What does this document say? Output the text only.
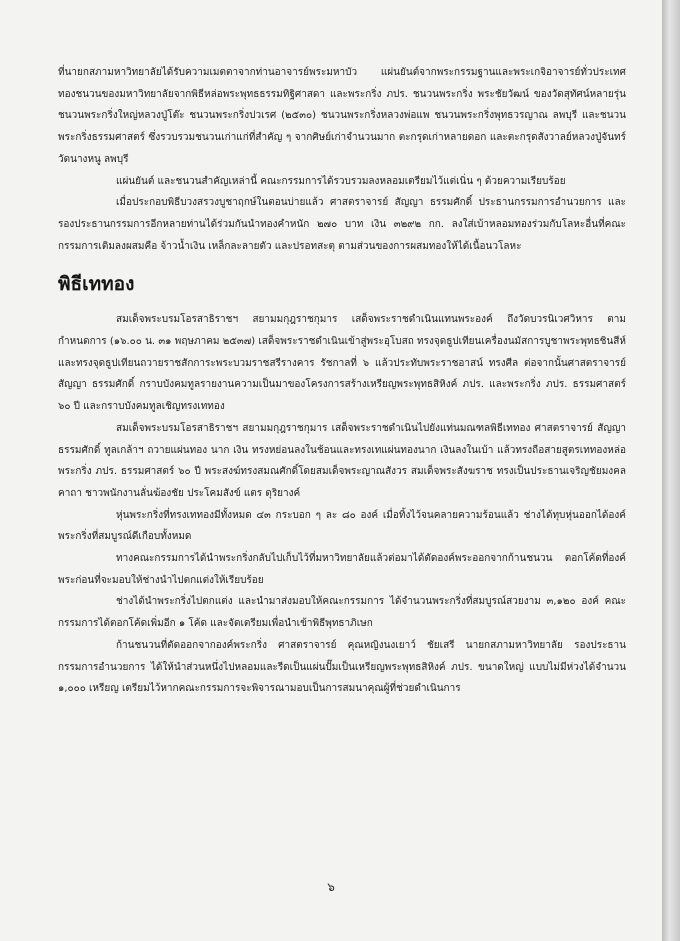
ที่นายกสภามหาวิทยาลัยได้รับความเมตตาจากท่านอาจารย์พระมหาบัว แผ่นยันต์จากพระกรรมฐานและพระเกจิอาจารย์ทั่วประเทศ ทองชนวนของมหาวิทยาลัยจากพิธีหล่อพระพุทธธรรมทิฐิศาสดา และพระกริ่ง ภปร. ชนวนพระกริ่ง พระชัยวัฒน์ ของวัดสุทัศน์หลายรุ่น ชนวนพระกริ่งใหญ่หลวงปู่โต๊ะ ชนวนพระกริ่งปวเรศ (๒๕๓๐) ชนวนพระกริ่งหลวงพ่อแพ ชนวนพระกริ่งพุทธวรญาณ ลพบุรี และชนวนพระกริ่งธรรมศาสตร์ ซึ่งรวบรวมชนวนเก่าแก่ที่สำคัญ ๆ จากศิษย์เก่าจำนวนมาก ตะกรุดเก่าหลายดอก และตะกรุดสังวาลย์หลวงปู่จันทร์ วัดนางหนู ลพบุรี

แผ่นยันต์ และชนวนสำคัญเหล่านี้ คณะกรรมการได้รวบรวมลงหลอมเตรียมไว้แต่เนิ่น ๆ ด้วยความเรียบร้อย

เมื่อประกอบพิธีบวงสรวงบูชาฤกษ์ในตอนบ่ายแล้ว ศาสตราจารย์ สัญญา ธรรมศักดิ์ ประธานกรรมการอำนวยการ และรองประธานกรรมการอีกหลายท่านได้ร่วมกันนำทองคำหนัก ๒๗๐ บาท เงิน ๓๒๙๒ กก. ลงใส่เบ้าหลอมทองร่วมกับโลหะอื่นที่คณะกรรมการเติมลงผสมคือ จ้าวน้ำเงิน เหล็กละลายตัว และปรอทสะตุ ตามส่วนของการผสมทองให้ได้เนื้อนวโลหะ

พิธีเททอง

สมเด็จพระบรมโอรสาธิราชฯ สยามมกุฎราชกุมาร เสด็จพระราชดำเนินแทนพระองค์ ถึงวัดบวรนิเวศวิหาร ตามกำหนดการ (๑๖.๐๐ น. ๓๑ พฤษภาคม ๒๕๓๗) เสด็จพระราชดำเนินเข้าสู่พระอุโบสถ ทรงจุดธูปเทียนเครื่องนมัสการบูชาพระพุทธชินสีห์ และทรงจุดธูปเทียนถวายราชสักการะพระบวมราชสรีรางคาร รัชกาลที่ ๖ แล้วประทับพระราชอาสน์ ทรงศีล ต่อจากนั้นศาสตราจารย์ สัญญา ธรรมศักดิ์ กราบบังคมทูลรายงานความเป็นมาของโครงการสร้างเหรียญพระพุทธสิหิงค์ ภปร. และพระกริ่ง ภปร. ธรรมศาสตร์ ๖๐ ปี และกราบบังคมทูลเชิญทรงเททอง

สมเด็จพระบรมโอรสาธิราชฯ สยามมกุฎราชกุมาร เสด็จพระราชดำเนินไปยังแท่นมณฑลพิธีเททอง ศาสตราจารย์ สัญญา ธรรมศักดิ์ ทูลเกล้าฯ ถวายแผ่นทอง นาก เงิน ทรงหย่อนลงในช้อนและทรงเทแผ่นทองนาก เงินลงในเบ้า แล้วทรงถือสายสูตรเททองหล่อพระกริ่ง ภปร. ธรรมศาสตร์ ๖๐ ปี พระสงฆ์ทรงสมณศักดิ์โดยสมเด็จพระญาณสังวร สมเด็จพระสังฆราช ทรงเป็นประธานเจริญชัยมงคลคาถา ชาวพนักงานลั่นฆ้องชัย ประโคมสังข์ แตร ดุริยางค์

หุ่นพระกริ่งที่ทรงเททองมีทั้งหมด ๔๓ กระบอก ๆ ละ ๘๐ องค์ เมื่อทิ้งไว้จนคลายความร้อนแล้ว ช่างได้ทุบหุ่นออกได้องค์พระกริ่งที่สมบูรณ์ดีเกือบทั้งหมด

ทางคณะกรรมการได้นำพระกริ่งกลับไปเก็บไว้ที่มหาวิทยาลัยแล้วต่อมาได้ตัดองค์พระออกจากก้านชนวน ตอกโค้ดที่องค์พระก่อนที่จะมอบให้ช่างนำไปตกแต่งให้เรียบร้อย

ช่างได้นำพระกริ่งไปตกแต่ง และนำมาส่งมอบให้คณะกรรมการ ได้จำนวนพระกริ่งที่สมบูรณ์สวยงาม ๓,๑๒๐ องค์ คณะกรรมการได้ตอกโค้ดเพิ่มอีก ๑ โค้ด และจัดเตรียมเพื่อนำเข้าพิธีพุทธาภิเษก

ก้านชนวนที่ตัดออกจากองค์พระกริ่ง ศาสตราจารย์ คุณหญิงนงเยาว์ ชัยเสรี นายกสภามหาวิทยาลัย รองประธานกรรมการอำนวยการ ได้ให้นำส่วนหนึ่งไปหลอมและรีดเป็นแผ่นปั๊มเป็นเหรียญพระพุทธสิหิงค์ ภปร. ขนาดใหญ่ แบบไม่มีห่วงได้จำนวน ๑,๐๐๐ เหรียญ เตรียมไว้หากคณะกรรมการจะพิจารณามอบเป็นการสมนาคุณผู้ที่ช่วยดำเนินการ

๖
